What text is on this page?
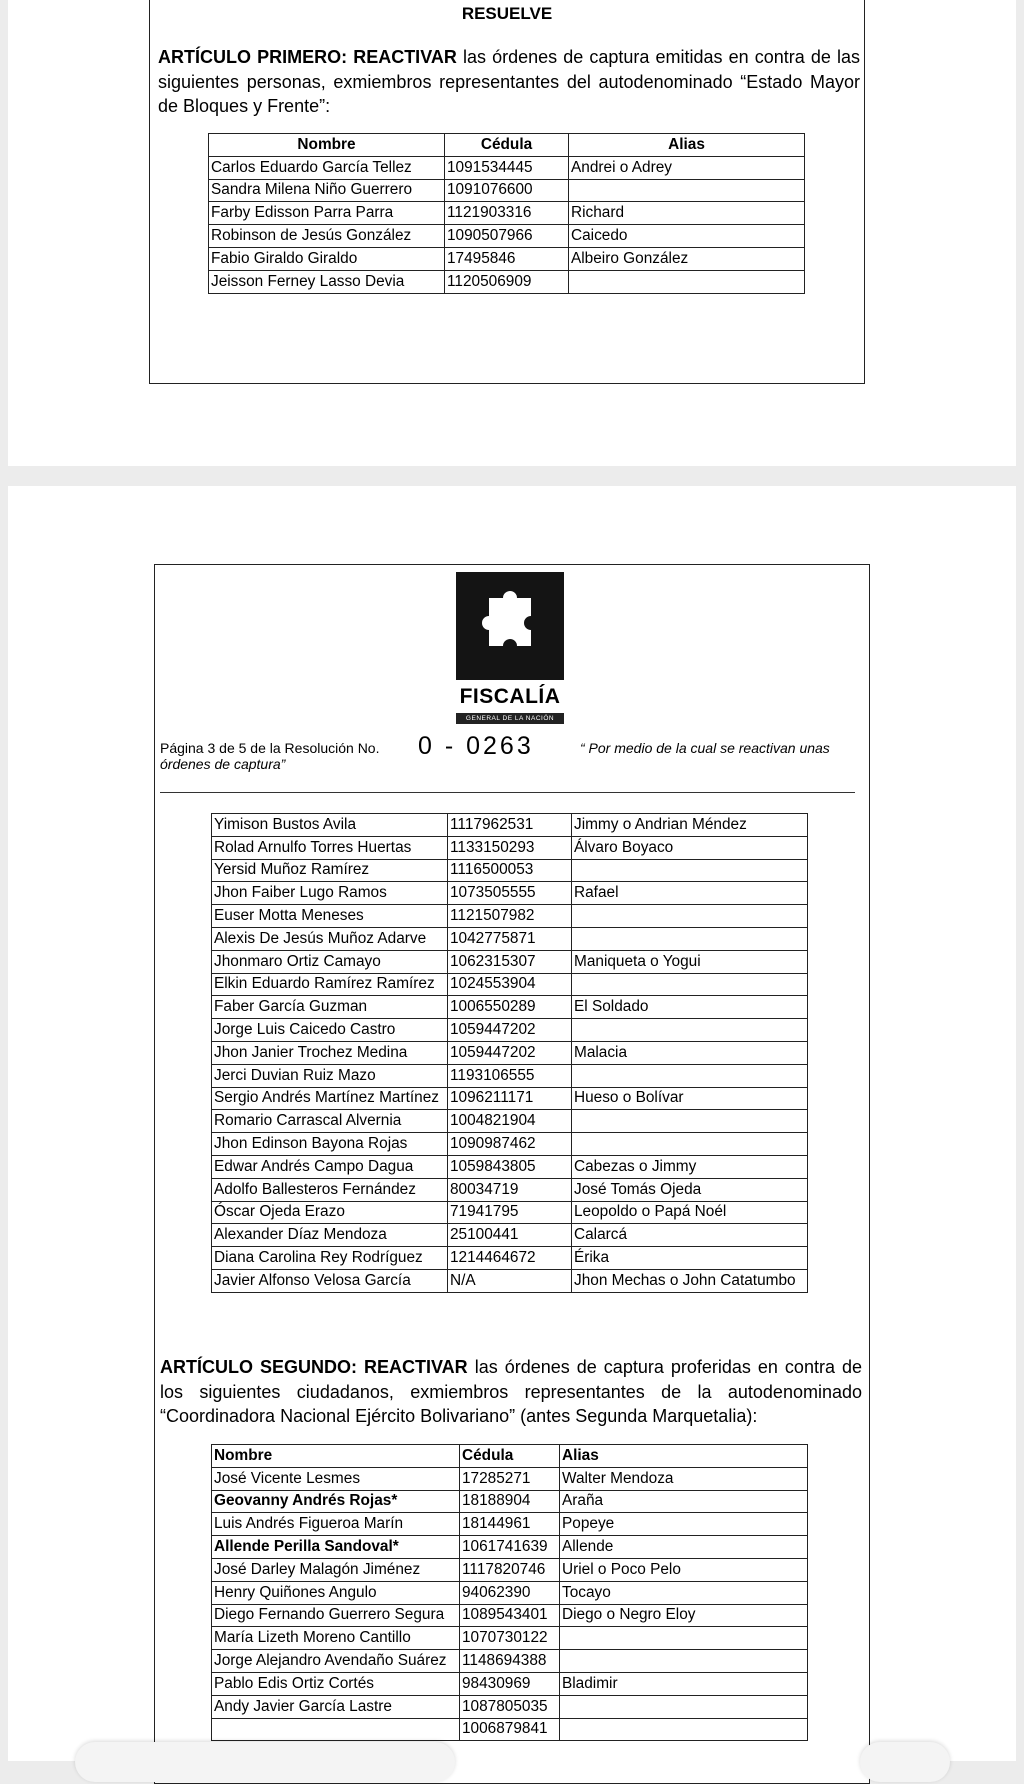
RESUELVE
ARTÍCULO PRIMERO: REACTIVAR las órdenes de captura emitidas en contra de las siguientes personas, exmiembros representantes del autodenominado “Estado Mayor de Bloques y Frente”:
Nombre	Cédula	Alias
Carlos Eduardo García Tellez	1091534445	Andrei o Adrey
Sandra Milena Niño Guerrero	1091076600	
Farby Edisson Parra Parra	1121903316	Richard
Robinson de Jesús González	1090507966	Caicedo
Fabio Giraldo Giraldo	17495846	Albeiro González
Jeisson Ferney Lasso Devia	1120506909	
FISCALÍA
GENERAL DE LA NACIÓN
Página 3 de 5 de la Resolución No. 0 - 0263	“ Por medio de la cual se reactivan unas
órdenes de captura”
Yimison Bustos Avila	1117962531	Jimmy o Andrian Méndez
Rolad Arnulfo Torres Huertas	1133150293	Álvaro Boyaco
Yersid Muñoz Ramírez	1116500053	
Jhon Faiber Lugo Ramos	1073505555	Rafael
Euser Motta Meneses	1121507982	
Alexis De Jesús Muñoz Adarve	1042775871	
Jhonmaro Ortiz Camayo	1062315307	Maniqueta o Yogui
Elkin Eduardo Ramírez Ramírez	1024553904	
Faber García Guzman	1006550289	El Soldado
Jorge Luis Caicedo Castro	1059447202	
Jhon Janier Trochez Medina	1059447202	Malacia
Jerci Duvian Ruiz Mazo	1193106555	
Sergio Andrés Martínez Martínez	1096211171	Hueso o Bolívar
Romario Carrascal Alvernia	1004821904	
Jhon Edinson Bayona Rojas	1090987462	
Edwar Andrés Campo Dagua	1059843805	Cabezas o Jimmy
Adolfo Ballesteros Fernández	80034719	José Tomás Ojeda
Óscar Ojeda Erazo	71941795	Leopoldo o Papá Noél
Alexander Díaz Mendoza	25100441	Calarcá
Diana Carolina Rey Rodríguez	1214464672	Érika
Javier Alfonso Velosa García	N/A	Jhon Mechas o John Catatumbo
ARTÍCULO SEGUNDO: REACTIVAR las órdenes de captura proferidas en contra de los siguientes ciudadanos, exmiembros representantes de la autodenominado “Coordinadora Nacional Ejército Bolivariano” (antes Segunda Marquetalia):
Nombre	Cédula	Alias
José Vicente Lesmes	17285271	Walter Mendoza
Geovanny Andrés Rojas*	18188904	Araña
Luis Andrés Figueroa Marín	18144961	Popeye
Allende Perilla Sandoval*	1061741639	Allende
José Darley Malagón Jiménez	1117820746	Uriel o Poco Pelo
Henry Quiñones Angulo	94062390	Tocayo
Diego Fernando Guerrero Segura	1089543401	Diego o Negro Eloy
María Lizeth Moreno Cantillo	1070730122	
Jorge Alejandro Avendaño Suárez	1148694388	
Pablo Edis Ortiz Cortés	98430969	Bladimir
Andy Javier García Lastre	1087805035	
	1006879841	
